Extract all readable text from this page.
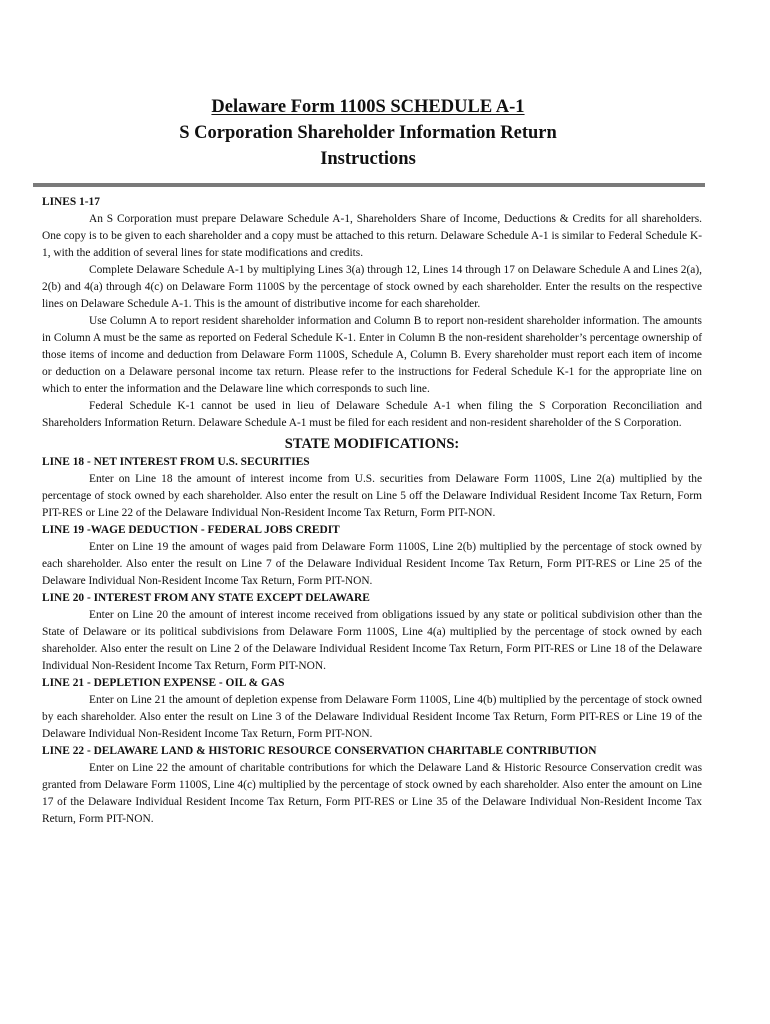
Delaware Form 1100S SCHEDULE A-1
S Corporation Shareholder Information Return
Instructions

LINES 1-17

An S Corporation must prepare Delaware Schedule A-1, Shareholders Share of Income, Deductions & Credits for all shareholders. One copy is to be given to each shareholder and a copy must be attached to this return. Delaware Schedule A-1 is similar to Federal Schedule K-1, with the addition of several lines for state modifications and credits.

Complete Delaware Schedule A-1 by multiplying Lines 3(a) through 12, Lines 14 through 17 on Delaware Schedule A and Lines 2(a), 2(b) and 4(a) through 4(c) on Delaware Form 1100S by the percentage of stock owned by each shareholder. Enter the results on the respective lines on Delaware Schedule A-1. This is the amount of distributive income for each shareholder.

Use Column A to report resident shareholder information and Column B to report non-resident shareholder information. The amounts in Column A must be the same as reported on Federal Schedule K-1. Enter in Column B the non-resident shareholder’s percentage ownership of those items of income and deduction from Delaware Form 1100S, Schedule A, Column B. Every shareholder must report each item of income or deduction on a Delaware personal income tax return. Please refer to the instructions for Federal Schedule K-1 for the appropriate line on which to enter the information and the Delaware line which corresponds to such line.

Federal Schedule K-1 cannot be used in lieu of Delaware Schedule A-1 when filing the S Corporation Reconciliation and Shareholders Information Return. Delaware Schedule A-1 must be filed for each resident and non-resident shareholder of the S Corporation.

STATE MODIFICATIONS:

LINE 18 - NET INTEREST FROM U.S. SECURITIES

Enter on Line 18 the amount of interest income from U.S. securities from Delaware Form 1100S, Line 2(a) multiplied by the percentage of stock owned by each shareholder. Also enter the result on Line 5 off the Delaware Individual Resident Income Tax Return, Form PIT-RES or Line 22 of the Delaware Individual Non-Resident Income Tax Return, Form PIT-NON.

LINE 19 -WAGE DEDUCTION - FEDERAL JOBS CREDIT

Enter on Line 19 the amount of wages paid from Delaware Form 1100S, Line 2(b) multiplied by the percentage of stock owned by each shareholder. Also enter the result on Line 7 of the Delaware Individual Resident Income Tax Return, Form PIT-RES or Line 25 of the Delaware Individual Non-Resident Income Tax Return, Form PIT-NON.

LINE 20 - INTEREST FROM ANY STATE EXCEPT DELAWARE

Enter on Line 20 the amount of interest income received from obligations issued by any state or political subdivision other than the State of Delaware or its political subdivisions from Delaware Form 1100S, Line 4(a) multiplied by the percentage of stock owned by each shareholder. Also enter the result on Line 2 of the Delaware Individual Resident Income Tax Return, Form PIT-RES or Line 18 of the Delaware Individual Non-Resident Income Tax Return, Form PIT-NON.

LINE 21 - DEPLETION EXPENSE - OIL & GAS

Enter on Line 21 the amount of depletion expense from Delaware Form 1100S, Line 4(b) multiplied by the percentage of stock owned by each shareholder. Also enter the result on Line 3 of the Delaware Individual Resident Income Tax Return, Form PIT-RES or Line 19 of the Delaware Individual Non-Resident Income Tax Return, Form PIT-NON.

LINE 22 - DELAWARE LAND & HISTORIC RESOURCE CONSERVATION CHARITABLE CONTRIBUTION

Enter on Line 22 the amount of charitable contributions for which the Delaware Land & Historic Resource Conservation credit was granted from Delaware Form 1100S, Line 4(c) multiplied by the percentage of stock owned by each shareholder. Also enter the amount on Line 17 of the Delaware Individual Resident Income Tax Return, Form PIT-RES or Line 35 of the Delaware Individual Non-Resident Income Tax Return, Form PIT-NON.
